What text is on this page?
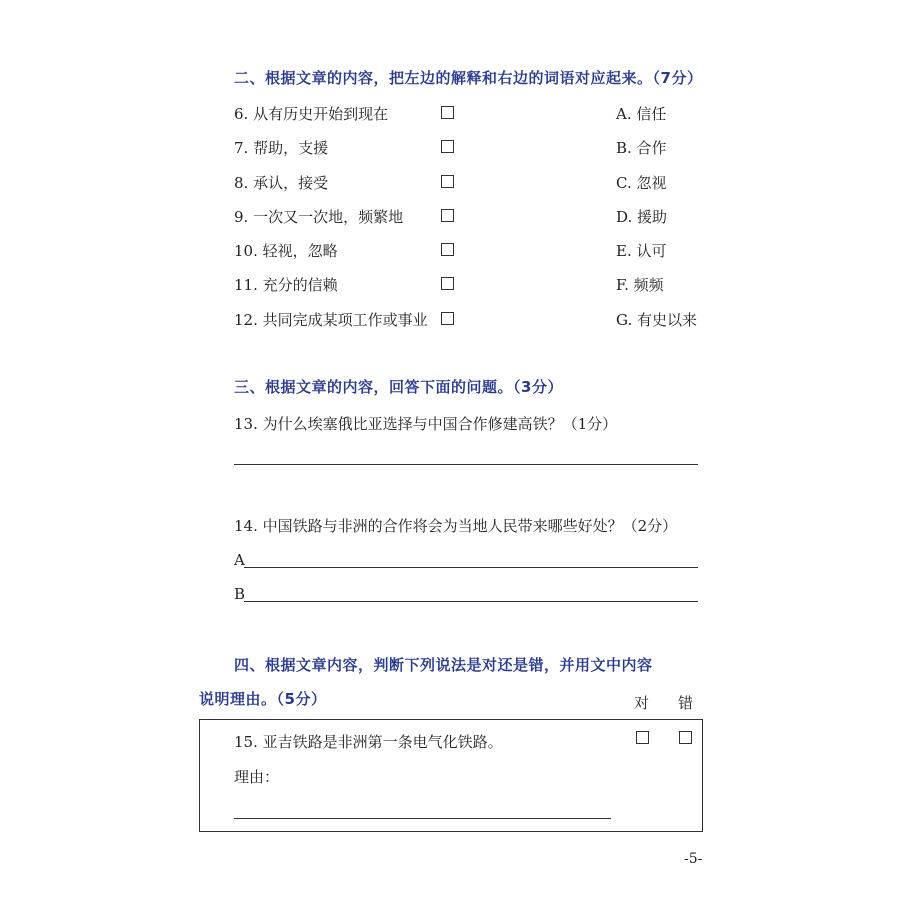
二、根据文章的内容，把左边的解释和右边的词语对应起来。（7分）
6. 从有历史开始到现在	A. 信任
7. 帮助，支援	B. 合作
8. 承认，接受	C. 忽视
9. 一次又一次地，频繁地	D. 援助
10. 轻视，忽略	E. 认可
11. 充分的信赖	F. 频频
12. 共同完成某项工作或事业	G. 有史以来
三、根据文章的内容，回答下面的问题。（3分）
13. 为什么埃塞俄比亚选择与中国合作修建高铁？（1分）
14. 中国铁路与非洲的合作将会为当地人民带来哪些好处？（2分）
A
B
四、根据文章内容，判断下列说法是对还是错，并用文中内容
说明理由。（5分）	对 错
15. 亚吉铁路是非洲第一条电气化铁路。
理由：
-5-
